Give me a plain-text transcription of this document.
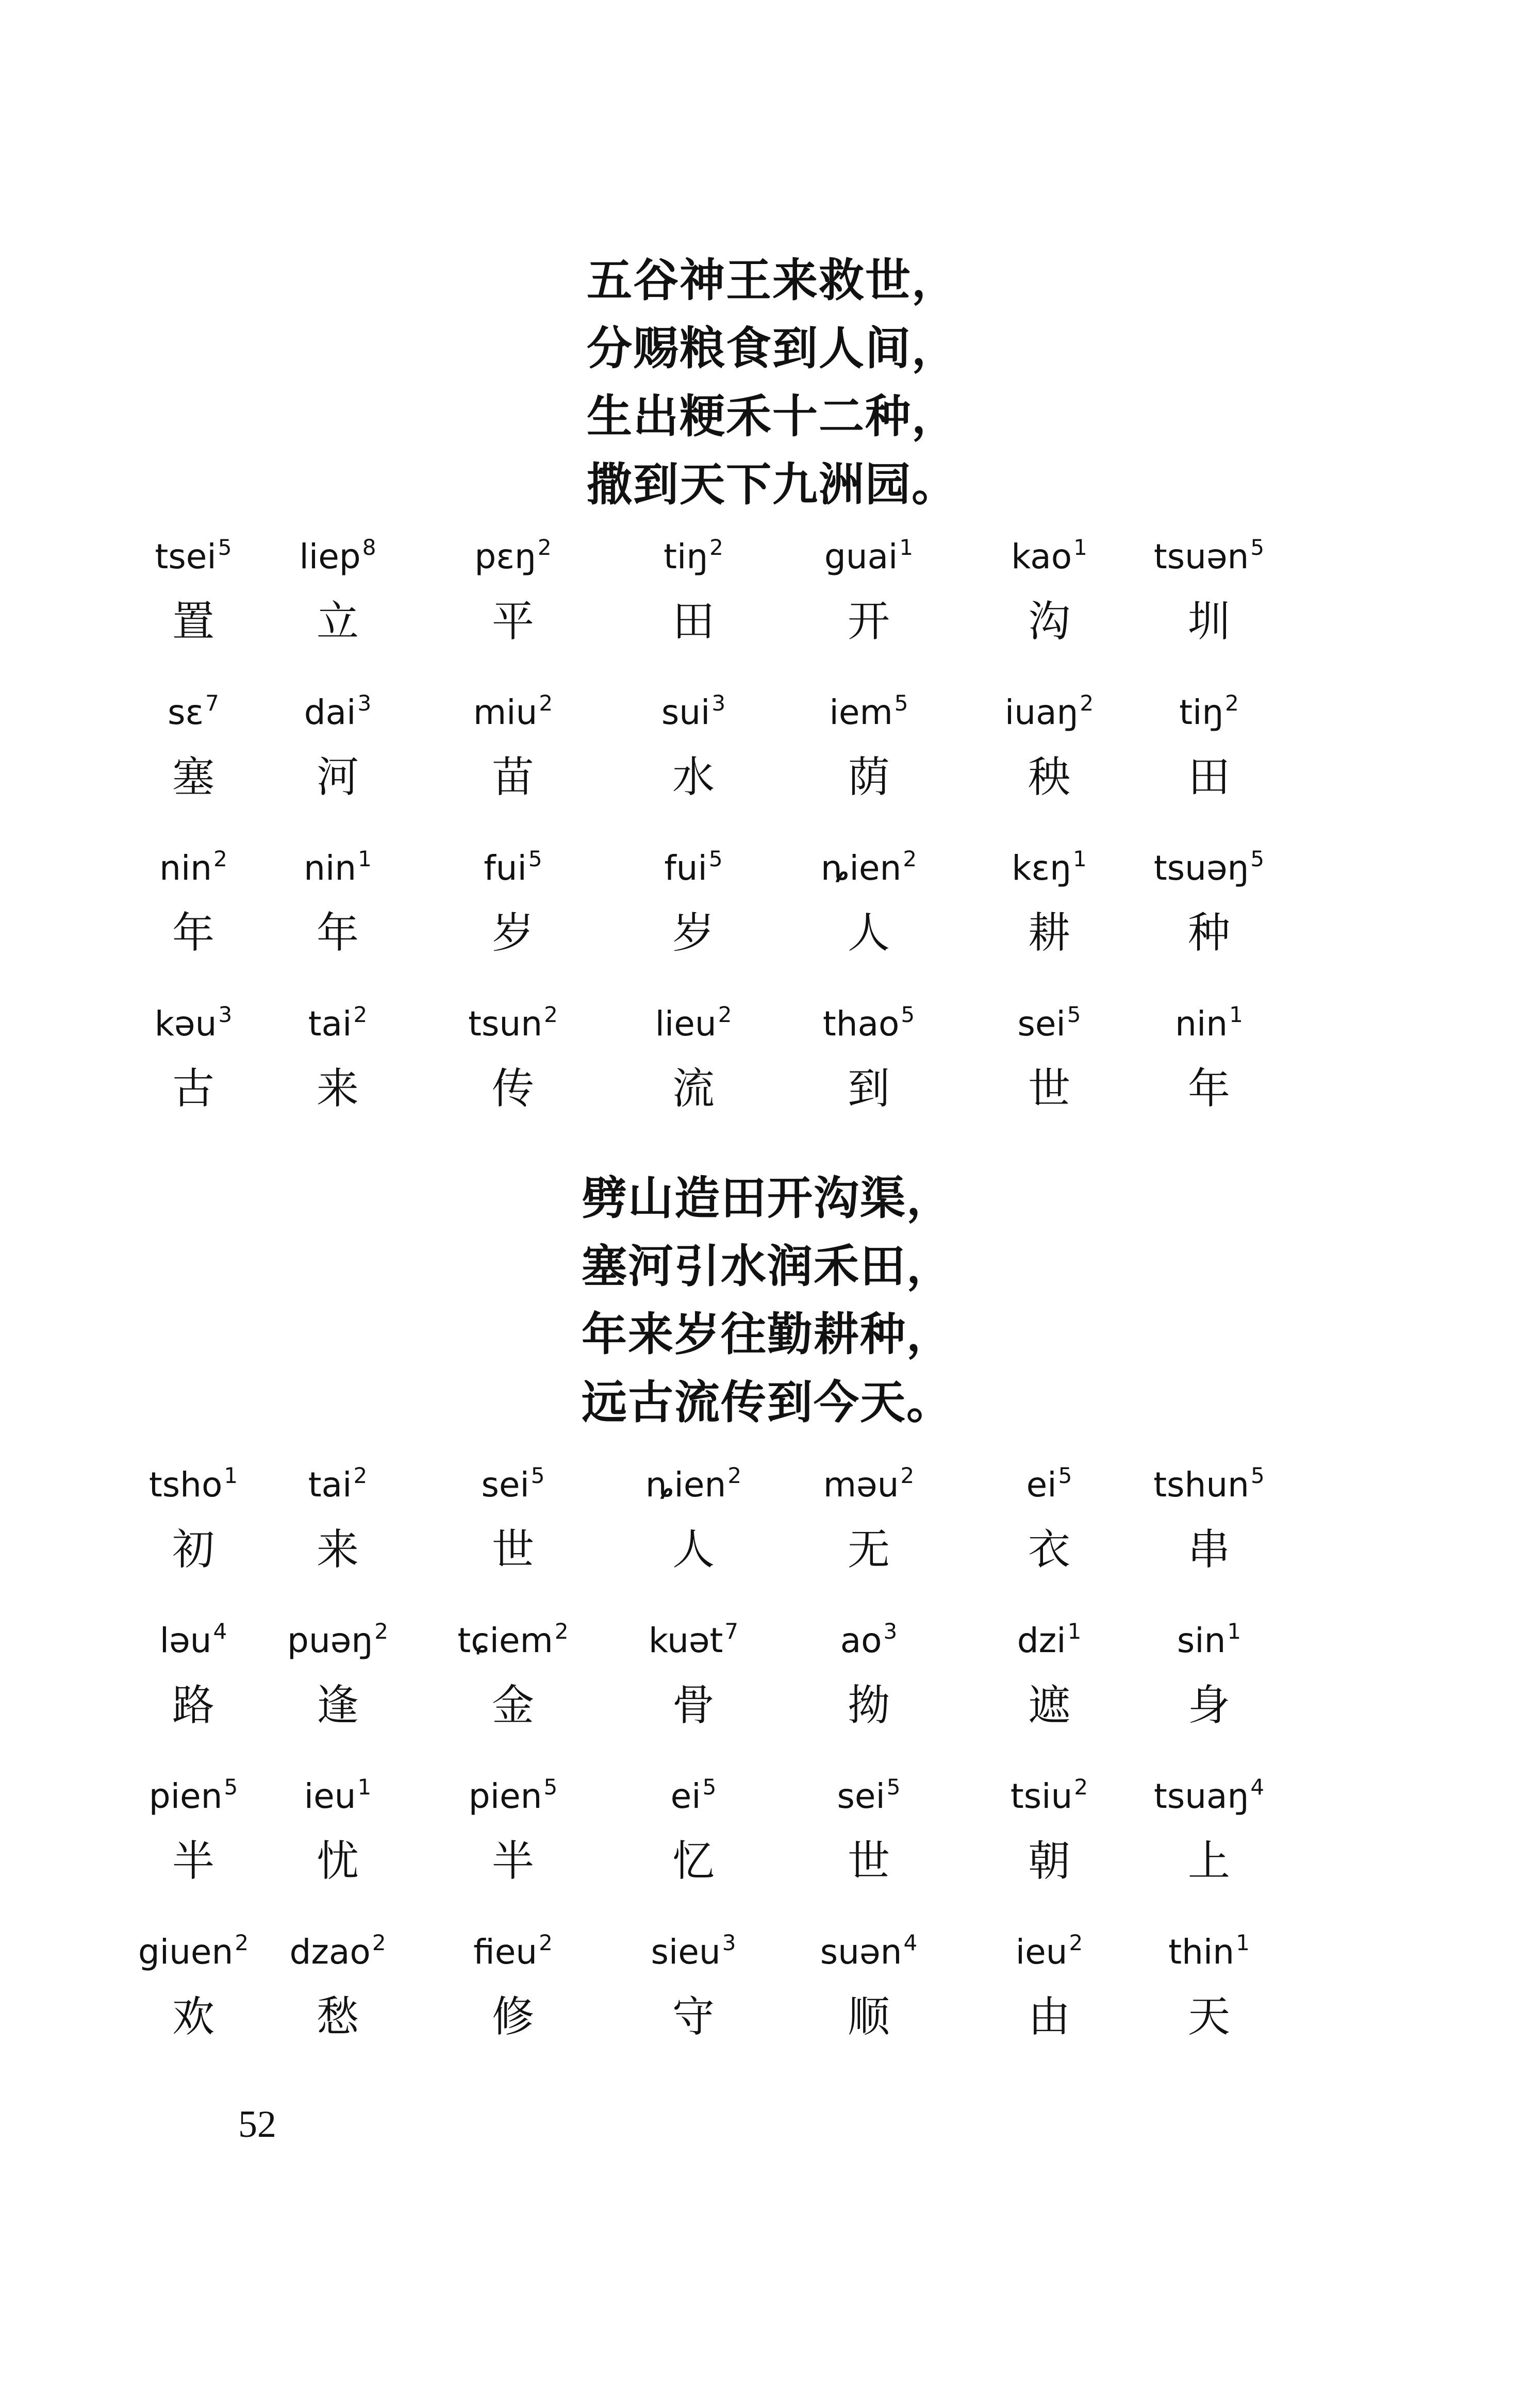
五谷神王来救世，
分赐粮食到人间，
生出粳禾十二种，
撒到天下九洲园。
tsei$^5$
置
liep$^8$
立
pɛŋ$^2$
平
tiŋ$^2$
田
guai$^1$
开
kao$^1$
沟
tsuən$^5$
圳
sɛ$^7$
塞
dai$^3$
河
miu$^2$
苗
sui$^3$
水
iem$^5$
荫
iuaŋ$^2$
秧
tiŋ$^2$
田
nin$^2$
年
nin$^1$
年
fui$^5$
岁
fui$^5$
岁
ȵien$^2$
人
kɛŋ$^1$
耕
tsuəŋ$^5$
种
kəu$^3$
古
tai$^2$
来
tsun$^2$
传
lieu$^2$
流
thao$^5$
到
sei$^5$
世
nin$^1$
年
劈山造田开沟渠，
塞河引水润禾田，
年来岁往勤耕种，
远古流传到今天。
tsho$^1$
初
tai$^2$
来
sei$^5$
世
ȵien$^2$
人
məu$^2$
无
$ei^5$
衣
tshun$^5$
串
ləu$^4$
路
puəŋ$^2$
逢
tɕiem$^2$
金
kuət$^7$
骨
$ao^3$
拗
dzi$^1$
遮
$\sin^1$
身
pien$^5$
半
ieu$^1$
忧
pien$^5$
半
$ei^5$
忆
sei$^5$
世
tsiu$^2$
朝
tsuaŋ$^4$
上
giuen$^2$
欢
dzao$^2$
愁
fieu$^2$
修
sieu$^3$
守
suən$^4$
顺
ieu$^2$
由
thin$^1$
天
52
